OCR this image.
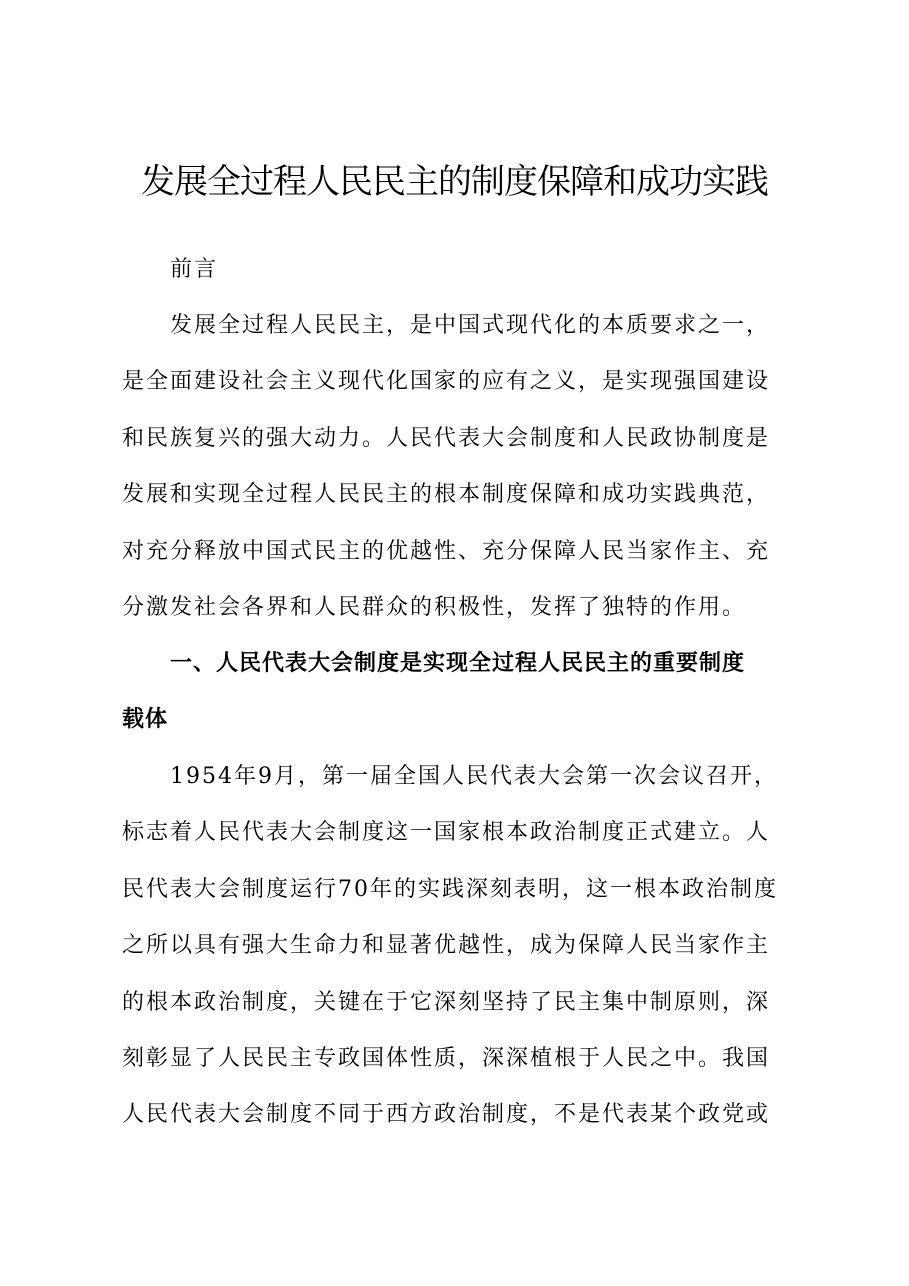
发展全过程人民民主的制度保障和成功实践
前言
发展全过程人民民主，是中国式现代化的本质要求之一，
是全面建设社会主义现代化国家的应有之义，是实现强国建设
和民族复兴的强大动力。人民代表大会制度和人民政协制度是
发展和实现全过程人民民主的根本制度保障和成功实践典范，
对充分释放中国式民主的优越性、充分保障人民当家作主、充
分激发社会各界和人民群众的积极性，发挥了独特的作用。
一、人民代表大会制度是实现全过程人民民主的重要制度
载体
1954年9月，第一届全国人民代表大会第一次会议召开，
标志着人民代表大会制度这一国家根本政治制度正式建立。人
民代表大会制度运行70年的实践深刻表明，这一根本政治制度
之所以具有强大生命力和显著优越性，成为保障人民当家作主
的根本政治制度，关键在于它深刻坚持了民主集中制原则，深
刻彰显了人民民主专政国体性质，深深植根于人民之中。我国
人民代表大会制度不同于西方政治制度，不是代表某个政党或
